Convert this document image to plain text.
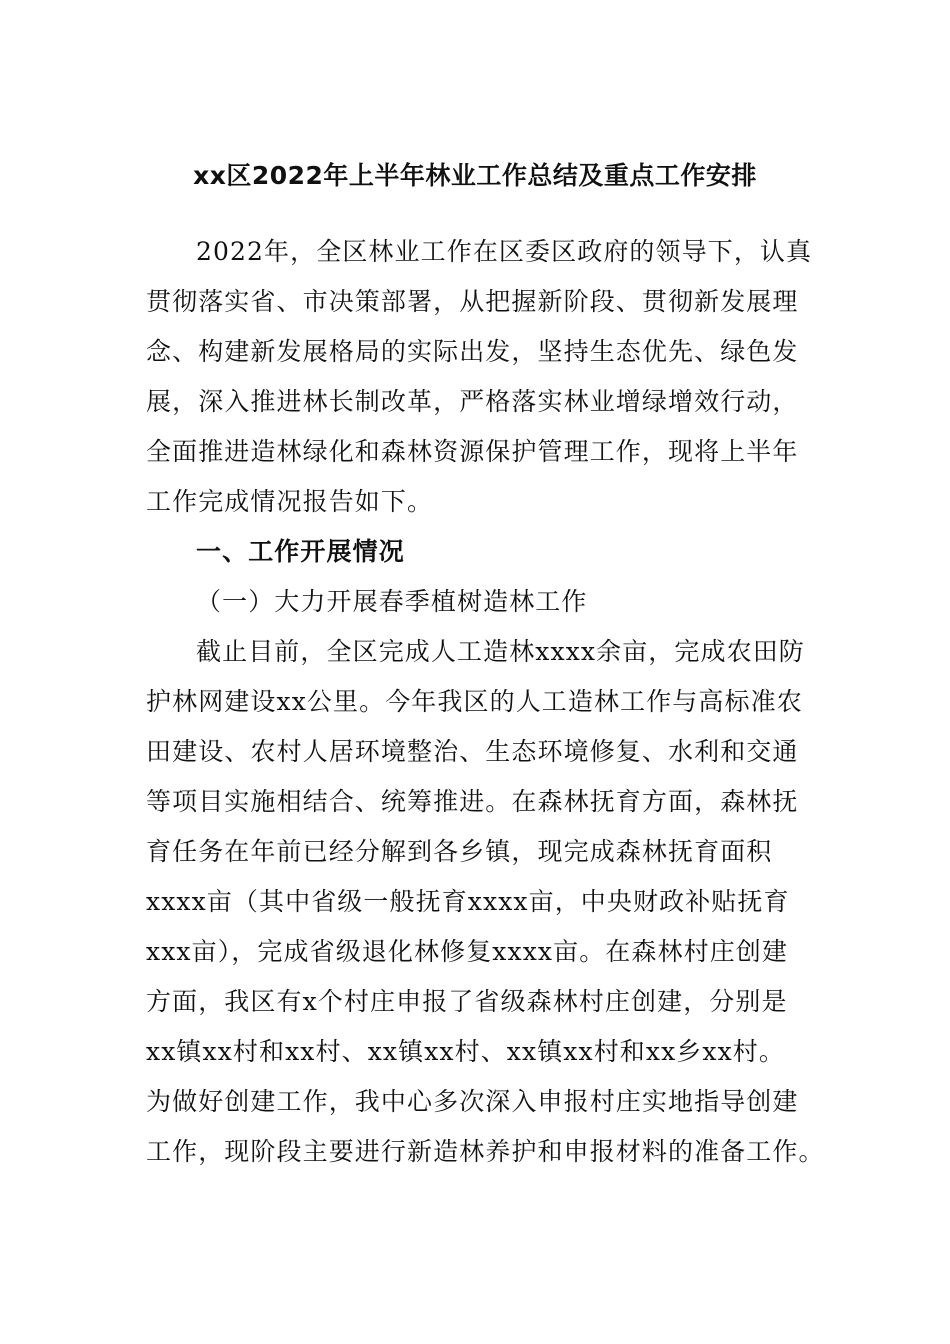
xx区2022年上半年林业工作总结及重点工作安排
2022年，全区林业工作在区委区政府的领导下，认真
贯彻落实省、市决策部署，从把握新阶段、贯彻新发展理
念、构建新发展格局的实际出发，坚持生态优先、绿色发
展，深入推进林长制改革，严格落实林业增绿增效行动，
全面推进造林绿化和森林资源保护管理工作，现将上半年
工作完成情况报告如下。
一、工作开展情况
（一）大力开展春季植树造林工作
截止目前，全区完成人工造林xxxx余亩，完成农田防
护林网建设xx公里。今年我区的人工造林工作与高标准农
田建设、农村人居环境整治、生态环境修复、水利和交通
等项目实施相结合、统筹推进。在森林抚育方面，森林抚
育任务在年前已经分解到各乡镇，现完成森林抚育面积
xxxx亩（其中省级一般抚育xxxx亩，中央财政补贴抚育
xxx亩），完成省级退化林修复xxxx亩。在森林村庄创建
方面，我区有x个村庄申报了省级森林村庄创建，分别是
xx镇xx村和xx村、xx镇xx村、xx镇xx村和xx乡xx村。
为做好创建工作，我中心多次深入申报村庄实地指导创建
工作，现阶段主要进行新造林养护和申报材料的准备工作。
